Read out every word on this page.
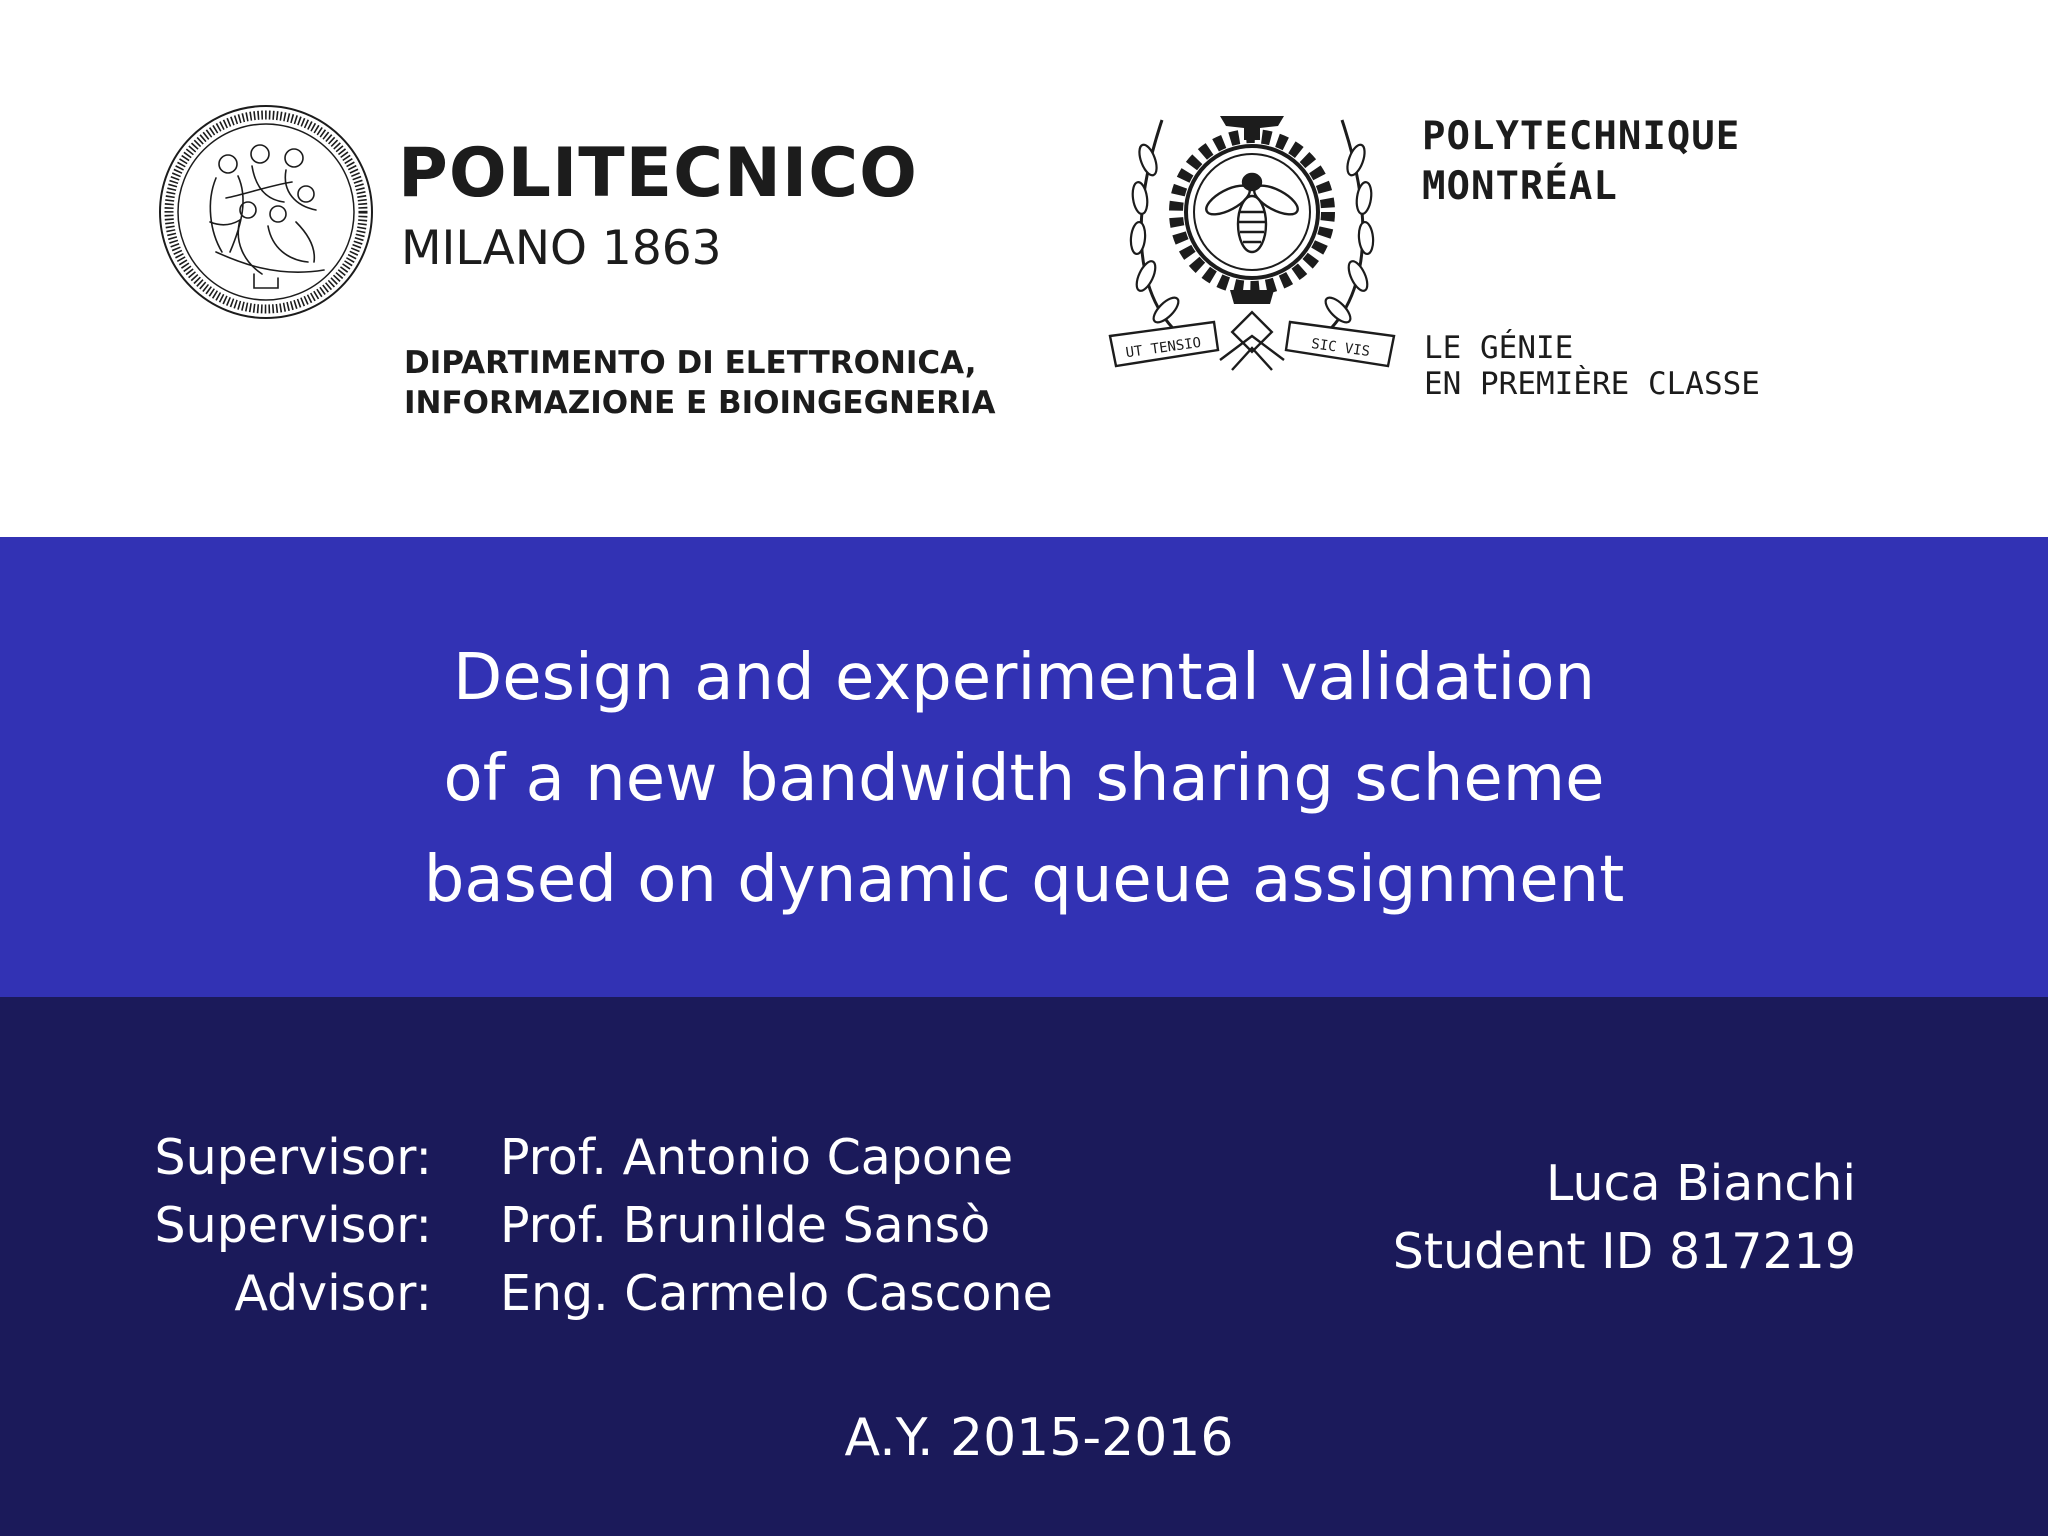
POLITECNICO
MILANO 1863
DIPARTIMENTO DI ELETTRONICA,
INFORMAZIONE E BIOINGEGNERIA
UT TENSIO	SIC VIS
POLYTECHNIQUE
MONTRÉAL
LE GÉNIE
EN PREMIÈRE CLASSE
Design and experimental validation
of a new bandwidth sharing scheme
based on dynamic queue assignment
Supervisor: Prof. Antonio Capone
Supervisor: Prof. Brunilde Sansò
Advisor: Eng. Carmelo Cascone
Luca Bianchi
Student ID 817219
A.Y. 2015-2016
